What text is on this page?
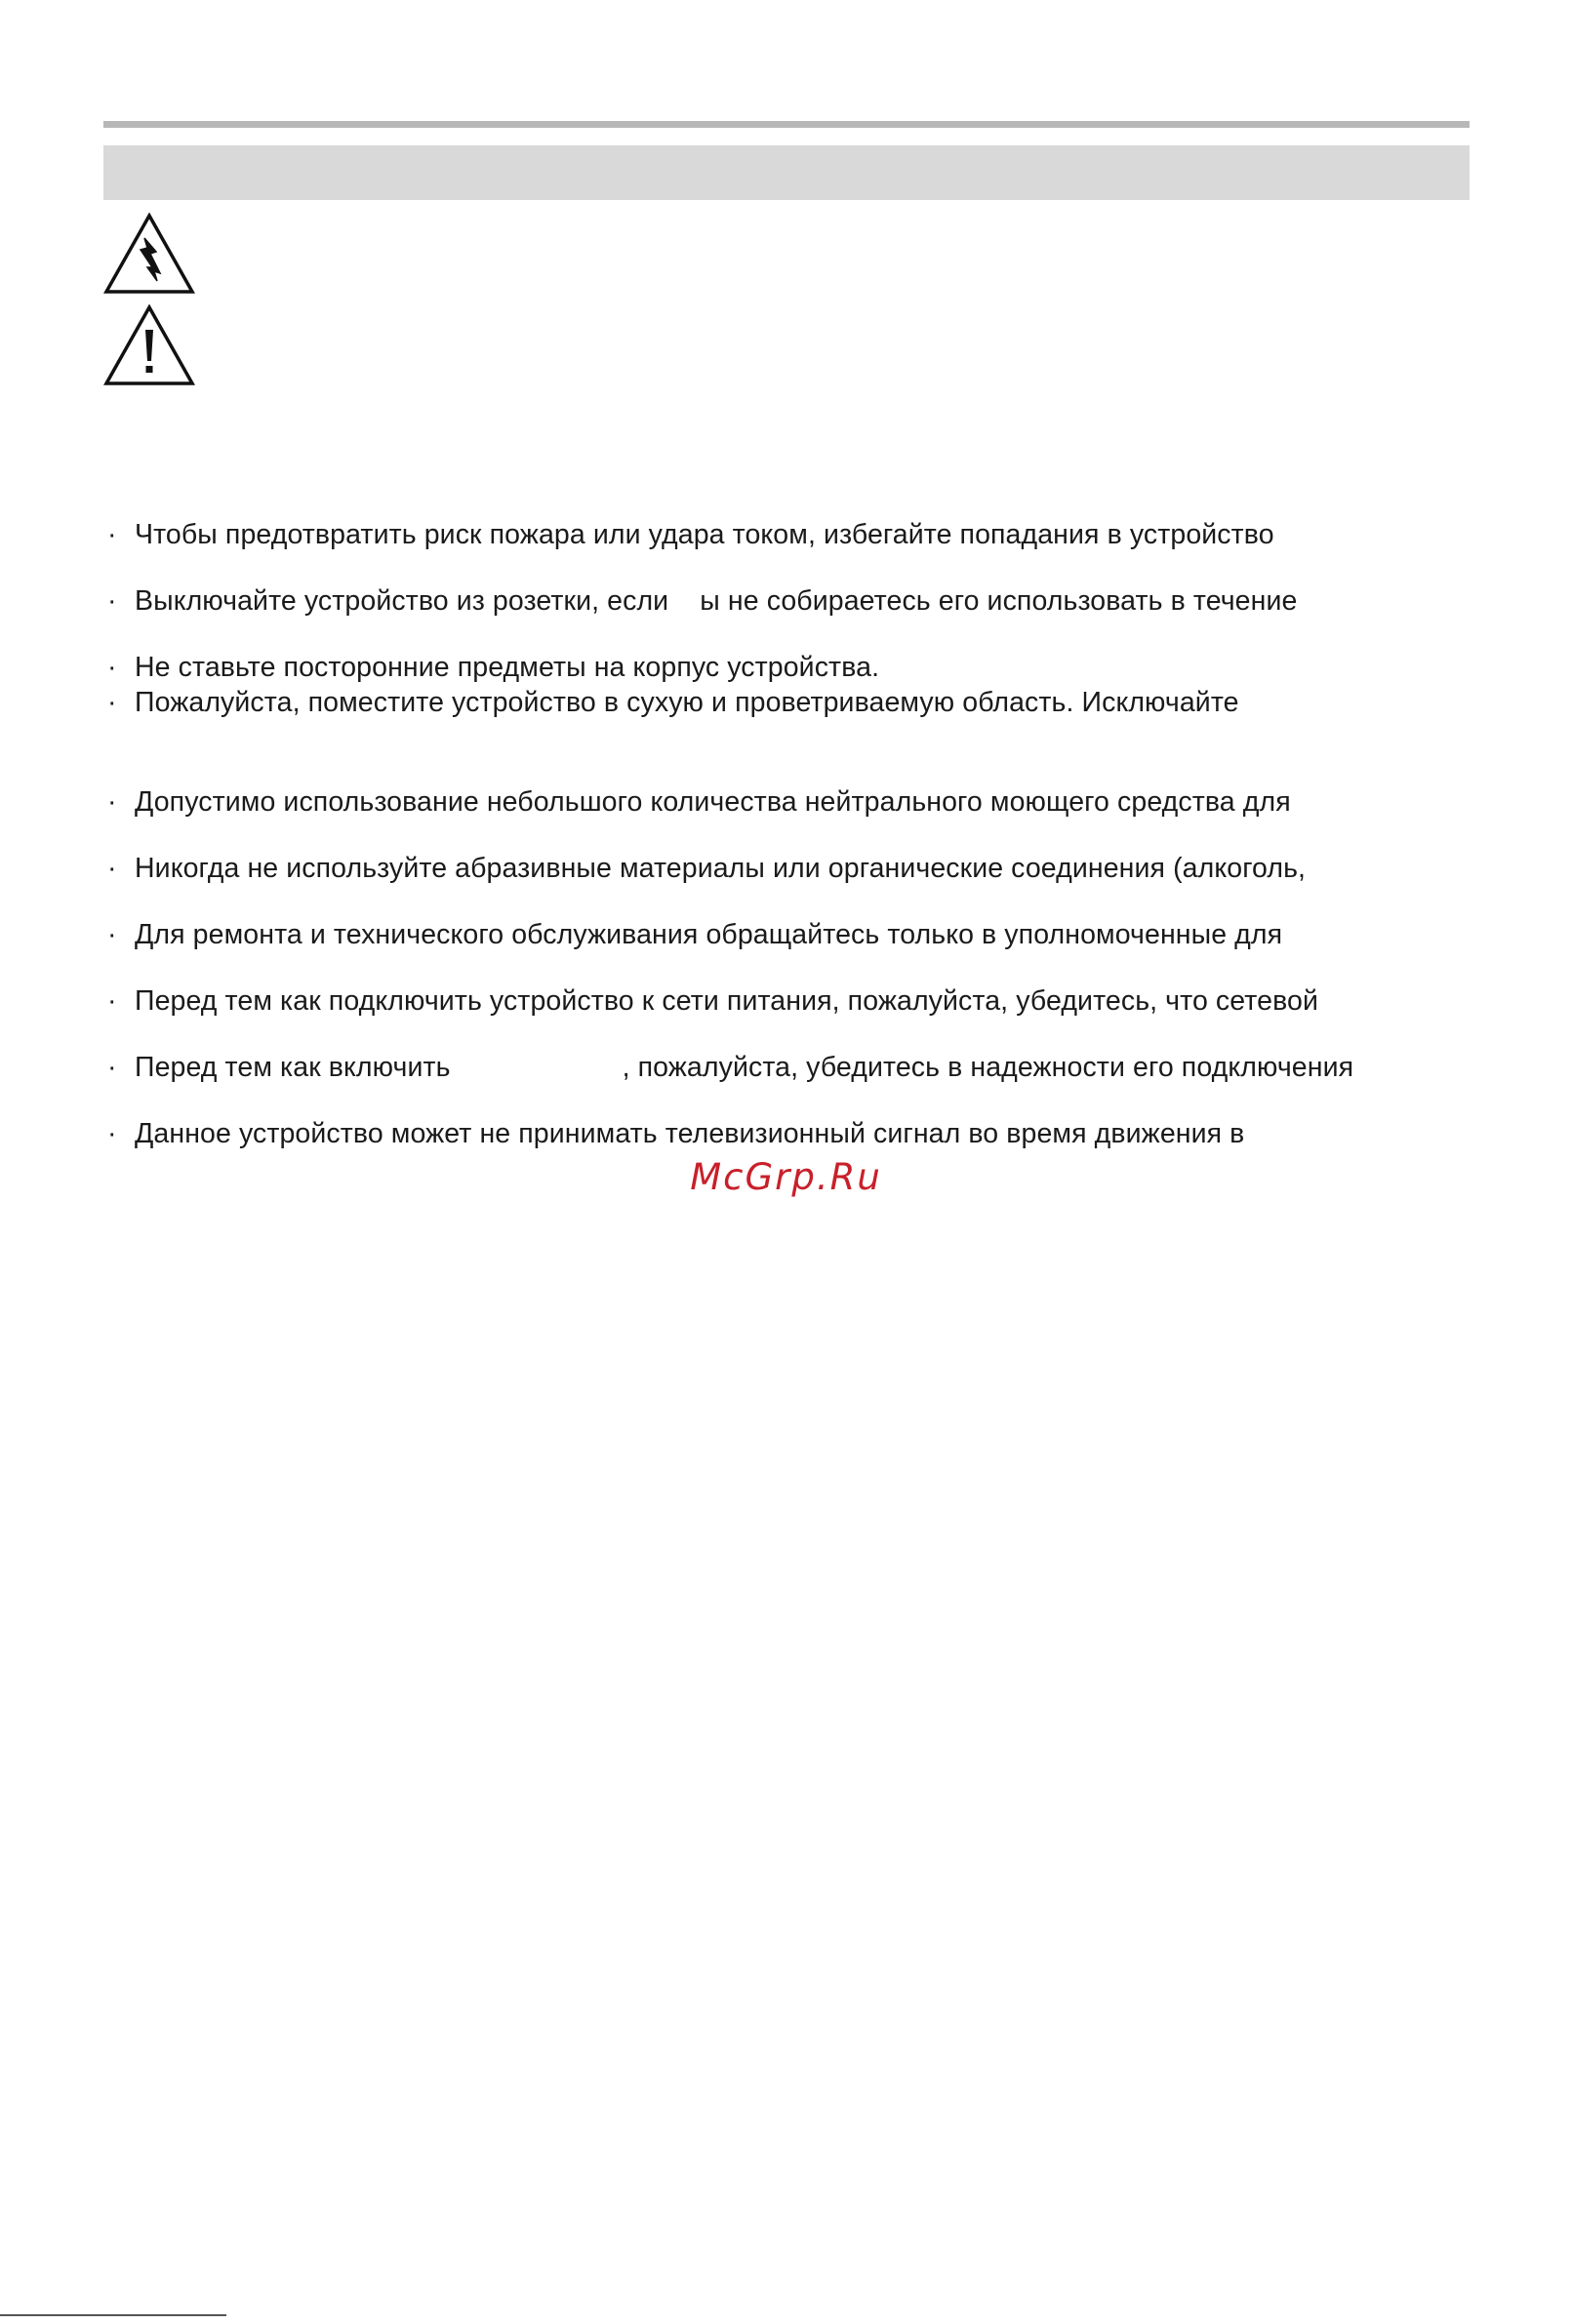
· Чтобы предотвратить риск пожара или удара током, избегайте попадания в устройство
· Выключайте устройство из розетки, если ы не собираетесь его использовать в течение
· Не ставьте посторонние предметы на корпус устройства.
· Пожалуйста, поместите устройство в сухую и проветриваемую область. Исключайте
· Допустимо использование небольшого количества нейтрального моющего средства для
· Никогда не используйте абразивные материалы или органические соединения (алкоголь,
· Для ремонта и технического обслуживания обращайтесь только в уполномоченные для
· Перед тем как подключить устройство к сети питания, пожалуйста, убедитесь, что сетевой
· Перед тем как включить	, пожалуйста, убедитесь в надежности его подключения
· Данное устройство может не принимать телевизионный сигнал во время движения в
McGrp.Ru
